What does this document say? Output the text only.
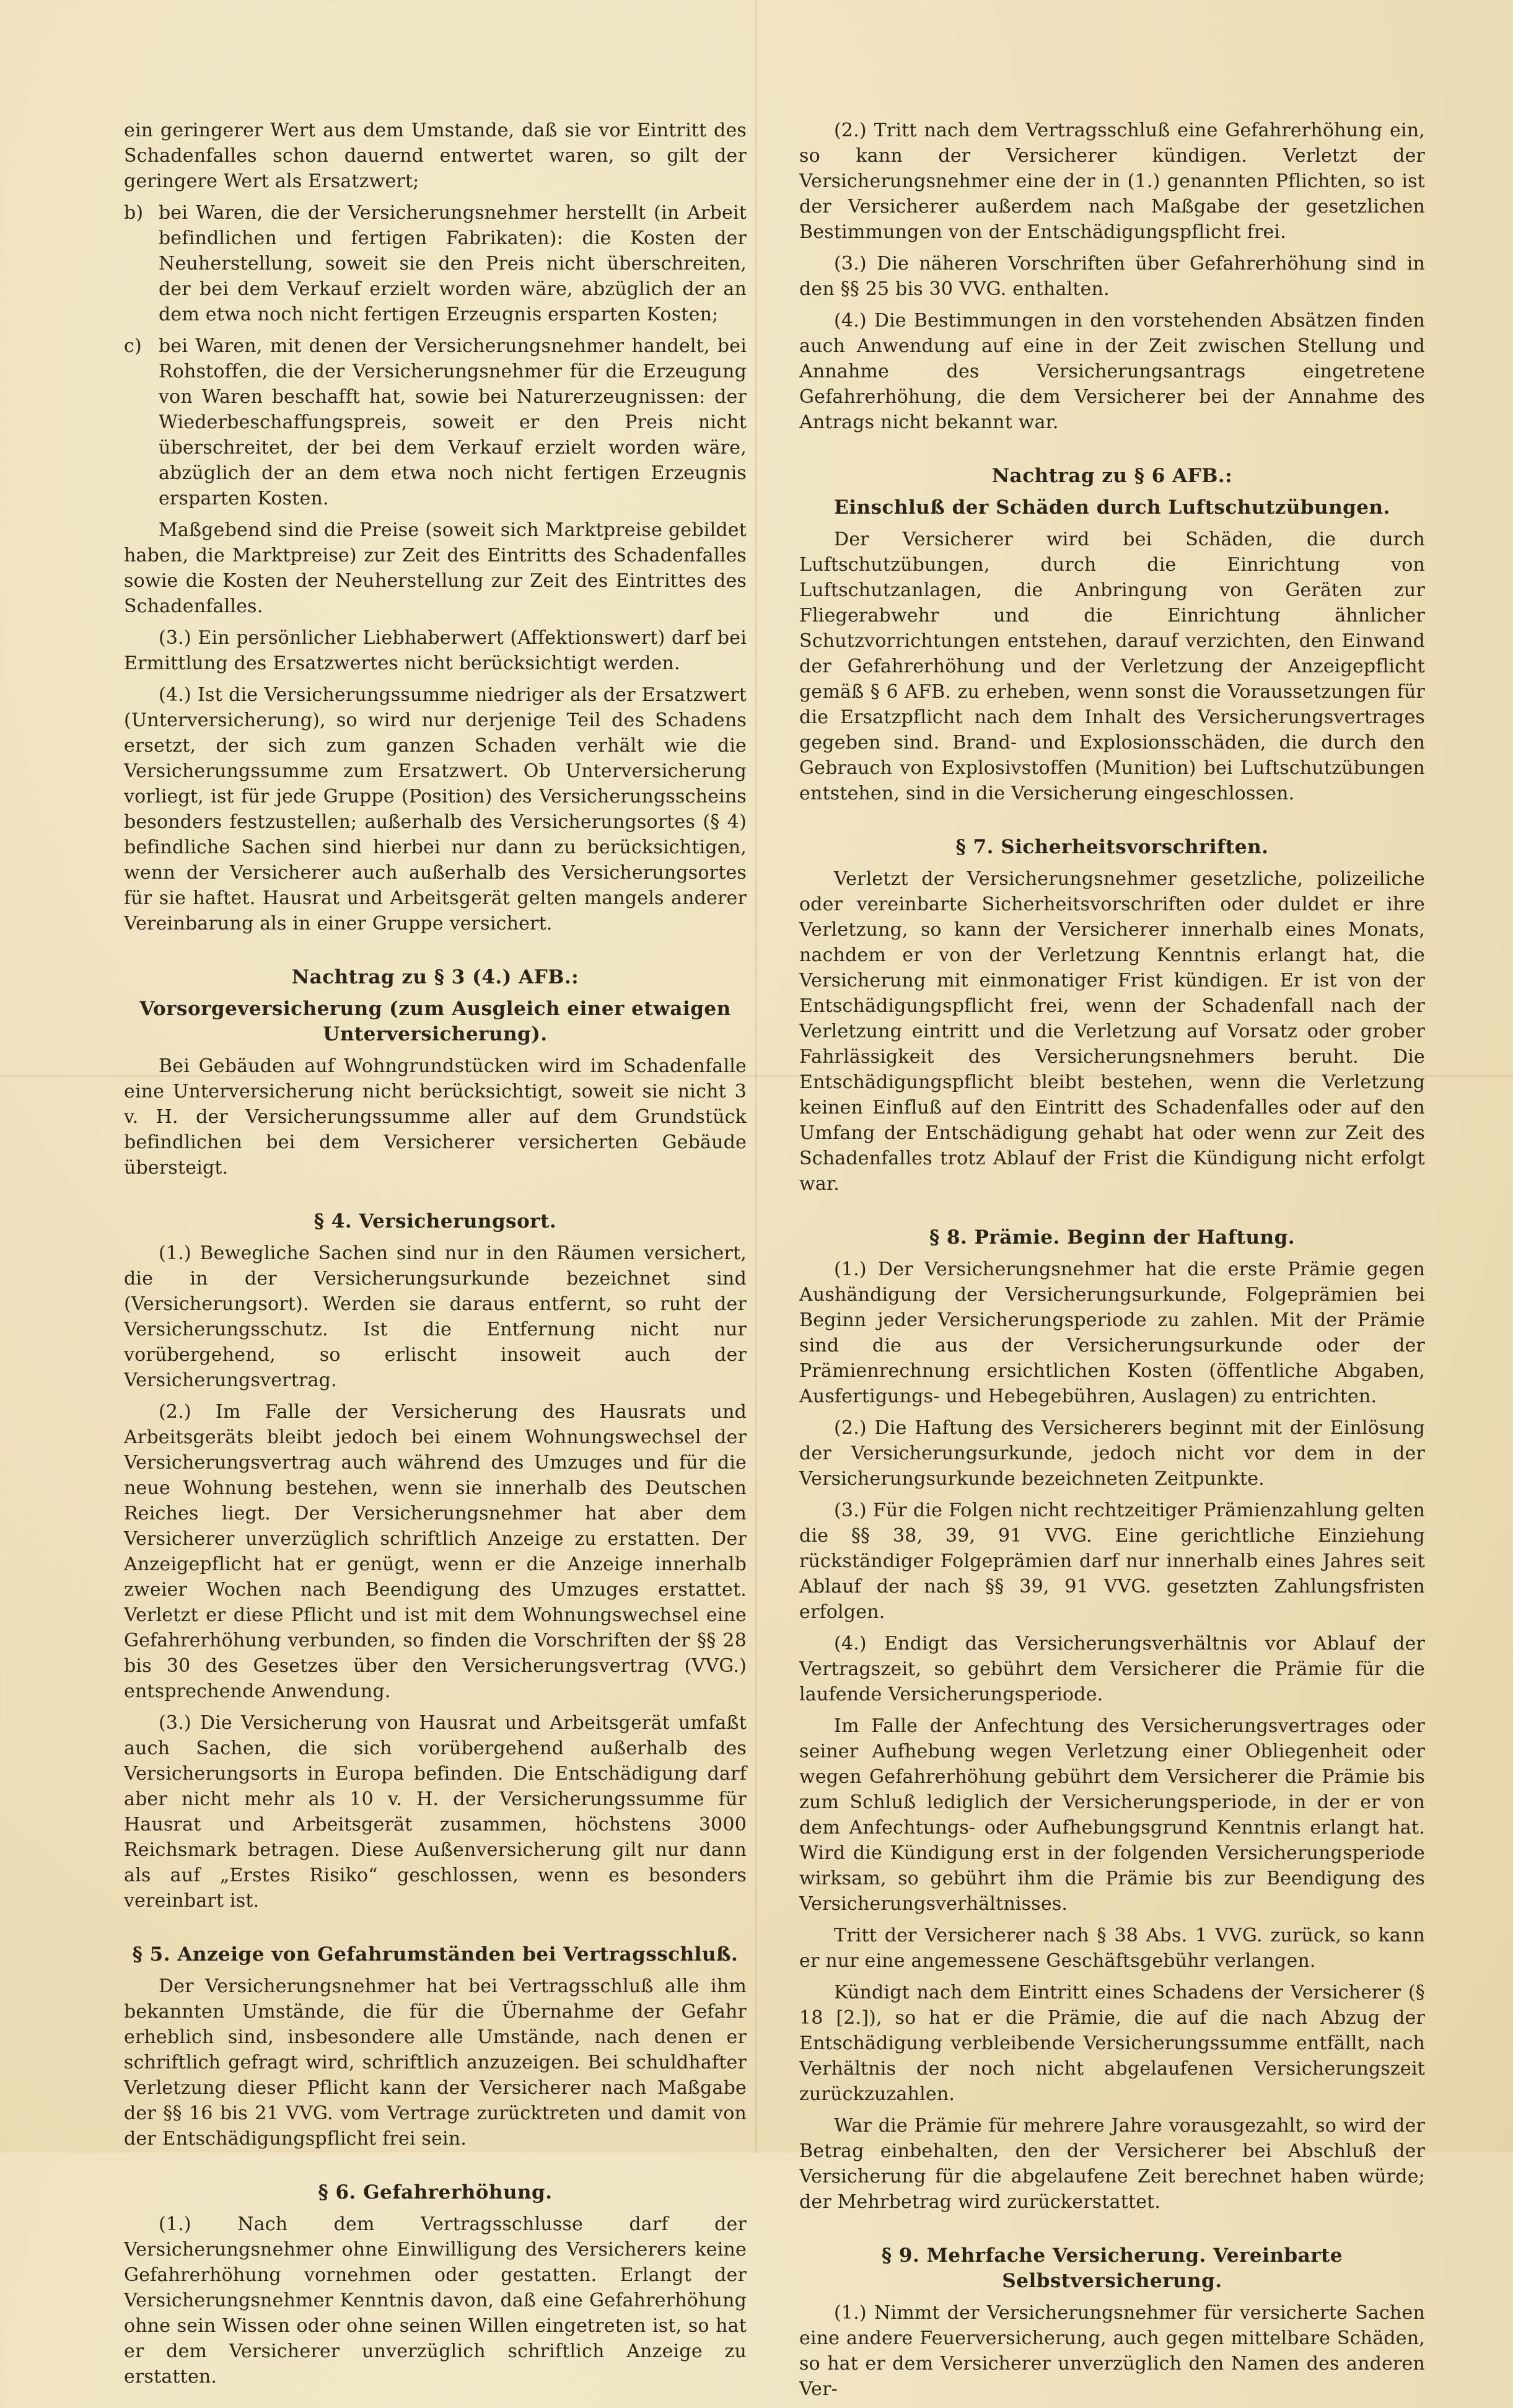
ein geringerer Wert aus dem Umstande, daß sie vor Eintritt des Schadenfalles schon dauernd entwertet waren, so gilt der geringere Wert als Ersatzwert;

b) bei Waren, die der Versicherungsnehmer herstellt (in Arbeit befindlichen und fertigen Fabrikaten): die Kosten der Neuherstellung, soweit sie den Preis nicht überschreiten, der bei dem Verkauf erzielt worden wäre, abzüglich der an dem etwa noch nicht fertigen Erzeugnis ersparten Kosten;

c) bei Waren, mit denen der Versicherungsnehmer handelt, bei Rohstoffen, die der Versicherungsnehmer für die Erzeugung von Waren beschafft hat, sowie bei Naturerzeugnissen: der Wiederbeschaffungspreis, soweit er den Preis nicht überschreitet, der bei dem Verkauf erzielt worden wäre, abzüglich der an dem etwa noch nicht fertigen Erzeugnis ersparten Kosten.

Maßgebend sind die Preise (soweit sich Marktpreise gebildet haben, die Marktpreise) zur Zeit des Eintritts des Schadenfalles sowie die Kosten der Neuherstellung zur Zeit des Eintrittes des Schadenfalles.

(3.) Ein persönlicher Liebhaberwert (Affektionswert) darf bei Ermittlung des Ersatzwertes nicht berücksichtigt werden.

(4.) Ist die Versicherungssumme niedriger als der Ersatzwert (Unterversicherung), so wird nur derjenige Teil des Schadens ersetzt, der sich zum ganzen Schaden verhält wie die Versicherungssumme zum Ersatzwert. Ob Unterversicherung vorliegt, ist für jede Gruppe (Position) des Versicherungsscheins besonders festzustellen; außerhalb des Versicherungsortes (§ 4) befindliche Sachen sind hierbei nur dann zu berücksichtigen, wenn der Versicherer auch außerhalb des Versicherungsortes für sie haftet. Hausrat und Arbeitsgerät gelten mangels anderer Vereinbarung als in einer Gruppe versichert.

Nachtrag zu § 3 (4.) AFB.:
Vorsorgeversicherung (zum Ausgleich einer etwaigen Unterversicherung).

Bei Gebäuden auf Wohngrundstücken wird im Schadenfalle eine Unterversicherung nicht berücksichtigt, soweit sie nicht 3 v. H. der Versicherungssumme aller auf dem Grundstück befindlichen bei dem Versicherer versicherten Gebäude übersteigt.

§ 4. Versicherungsort.

(1.) Bewegliche Sachen sind nur in den Räumen versichert, die in der Versicherungsurkunde bezeichnet sind (Versicherungsort). Werden sie daraus entfernt, so ruht der Versicherungsschutz. Ist die Entfernung nicht nur vorübergehend, so erlischt insoweit auch der Versicherungsvertrag.

(2.) Im Falle der Versicherung des Hausrats und Arbeitsgeräts bleibt jedoch bei einem Wohnungswechsel der Versicherungsvertrag auch während des Umzuges und für die neue Wohnung bestehen, wenn sie innerhalb des Deutschen Reiches liegt. Der Versicherungsnehmer hat aber dem Versicherer unverzüglich schriftlich Anzeige zu erstatten. Der Anzeigepflicht hat er genügt, wenn er die Anzeige innerhalb zweier Wochen nach Beendigung des Umzuges erstattet. Verletzt er diese Pflicht und ist mit dem Wohnungswechsel eine Gefahrerhöhung verbunden, so finden die Vorschriften der §§ 28 bis 30 des Gesetzes über den Versicherungsvertrag (VVG.) entsprechende Anwendung.

(3.) Die Versicherung von Hausrat und Arbeitsgerät umfaßt auch Sachen, die sich vorübergehend außerhalb des Versicherungsorts in Europa befinden. Die Entschädigung darf aber nicht mehr als 10 v. H. der Versicherungssumme für Hausrat und Arbeitsgerät zusammen, höchstens 3000 Reichsmark betragen. Diese Außenversicherung gilt nur dann als auf „Erstes Risiko“ geschlossen, wenn es besonders vereinbart ist.

§ 5. Anzeige von Gefahrumständen bei Vertragsschluß.

Der Versicherungsnehmer hat bei Vertragsschluß alle ihm bekannten Umstände, die für die Übernahme der Gefahr erheblich sind, insbesondere alle Umstände, nach denen er schriftlich gefragt wird, schriftlich anzuzeigen. Bei schuldhafter Verletzung dieser Pflicht kann der Versicherer nach Maßgabe der §§ 16 bis 21 VVG. vom Vertrage zurücktreten und damit von der Entschädigungspflicht frei sein.

§ 6. Gefahrerhöhung.

(1.) Nach dem Vertragsschlusse darf der Versicherungsnehmer ohne Einwilligung des Versicherers keine Gefahrerhöhung vornehmen oder gestatten. Erlangt der Versicherungsnehmer Kenntnis davon, daß eine Gefahrerhöhung ohne sein Wissen oder ohne seinen Willen eingetreten ist, so hat er dem Versicherer unverzüglich schriftlich Anzeige zu erstatten.

(2.) Tritt nach dem Vertragsschluß eine Gefahrerhöhung ein, so kann der Versicherer kündigen. Verletzt der Versicherungsnehmer eine der in (1.) genannten Pflichten, so ist der Versicherer außerdem nach Maßgabe der gesetzlichen Bestimmungen von der Entschädigungspflicht frei.

(3.) Die näheren Vorschriften über Gefahrerhöhung sind in den §§ 25 bis 30 VVG. enthalten.

(4.) Die Bestimmungen in den vorstehenden Absätzen finden auch Anwendung auf eine in der Zeit zwischen Stellung und Annahme des Versicherungsantrags eingetretene Gefahrerhöhung, die dem Versicherer bei der Annahme des Antrags nicht bekannt war.

Nachtrag zu § 6 AFB.:
Einschluß der Schäden durch Luftschutzübungen.

Der Versicherer wird bei Schäden, die durch Luftschutzübungen, durch die Einrichtung von Luftschutzanlagen, die Anbringung von Geräten zur Fliegerabwehr und die Einrichtung ähnlicher Schutzvorrichtungen entstehen, darauf verzichten, den Einwand der Gefahrerhöhung und der Verletzung der Anzeigepflicht gemäß § 6 AFB. zu erheben, wenn sonst die Voraussetzungen für die Ersatzpflicht nach dem Inhalt des Versicherungsvertrages gegeben sind. Brand- und Explosionsschäden, die durch den Gebrauch von Explosivstoffen (Munition) bei Luftschutzübungen entstehen, sind in die Versicherung eingeschlossen.

§ 7. Sicherheitsvorschriften.

Verletzt der Versicherungsnehmer gesetzliche, polizeiliche oder vereinbarte Sicherheitsvorschriften oder duldet er ihre Verletzung, so kann der Versicherer innerhalb eines Monats, nachdem er von der Verletzung Kenntnis erlangt hat, die Versicherung mit einmonatiger Frist kündigen. Er ist von der Entschädigungspflicht frei, wenn der Schadenfall nach der Verletzung eintritt und die Verletzung auf Vorsatz oder grober Fahrlässigkeit des Versicherungsnehmers beruht. Die Entschädigungspflicht bleibt bestehen, wenn die Verletzung keinen Einfluß auf den Eintritt des Schadenfalles oder auf den Umfang der Entschädigung gehabt hat oder wenn zur Zeit des Schadenfalles trotz Ablauf der Frist die Kündigung nicht erfolgt war.

§ 8. Prämie. Beginn der Haftung.

(1.) Der Versicherungsnehmer hat die erste Prämie gegen Aushändigung der Versicherungsurkunde, Folgeprämien bei Beginn jeder Versicherungsperiode zu zahlen. Mit der Prämie sind die aus der Versicherungsurkunde oder der Prämienrechnung ersichtlichen Kosten (öffentliche Abgaben, Ausfertigungs- und Hebegebühren, Auslagen) zu entrichten.

(2.) Die Haftung des Versicherers beginnt mit der Einlösung der Versicherungsurkunde, jedoch nicht vor dem in der Versicherungsurkunde bezeichneten Zeitpunkte.

(3.) Für die Folgen nicht rechtzeitiger Prämienzahlung gelten die §§ 38, 39, 91 VVG. Eine gerichtliche Einziehung rückständiger Folgeprämien darf nur innerhalb eines Jahres seit Ablauf der nach §§ 39, 91 VVG. gesetzten Zahlungsfristen erfolgen.

(4.) Endigt das Versicherungsverhältnis vor Ablauf der Vertragszeit, so gebührt dem Versicherer die Prämie für die laufende Versicherungsperiode.

Im Falle der Anfechtung des Versicherungsvertrages oder seiner Aufhebung wegen Verletzung einer Obliegenheit oder wegen Gefahrerhöhung gebührt dem Versicherer die Prämie bis zum Schluß lediglich der Versicherungsperiode, in der er von dem Anfechtungs- oder Aufhebungsgrund Kenntnis erlangt hat. Wird die Kündigung erst in der folgenden Versicherungsperiode wirksam, so gebührt ihm die Prämie bis zur Beendigung des Versicherungsverhältnisses.

Tritt der Versicherer nach § 38 Abs. 1 VVG. zurück, so kann er nur eine angemessene Geschäftsgebühr verlangen.

Kündigt nach dem Eintritt eines Schadens der Versicherer (§ 18 [2.]), so hat er die Prämie, die auf die nach Abzug der Entschädigung verbleibende Versicherungssumme entfällt, nach Verhältnis der noch nicht abgelaufenen Versicherungszeit zurückzuzahlen.

War die Prämie für mehrere Jahre vorausgezahlt, so wird der Betrag einbehalten, den der Versicherer bei Abschluß der Versicherung für die abgelaufene Zeit berechnet haben würde; der Mehrbetrag wird zurückerstattet.

§ 9. Mehrfache Versicherung. Vereinbarte Selbstversicherung.

(1.) Nimmt der Versicherungsnehmer für versicherte Sachen eine andere Feuerversicherung, auch gegen mittelbare Schäden, so hat er dem Versicherer unverzüglich den Namen des anderen Ver-
